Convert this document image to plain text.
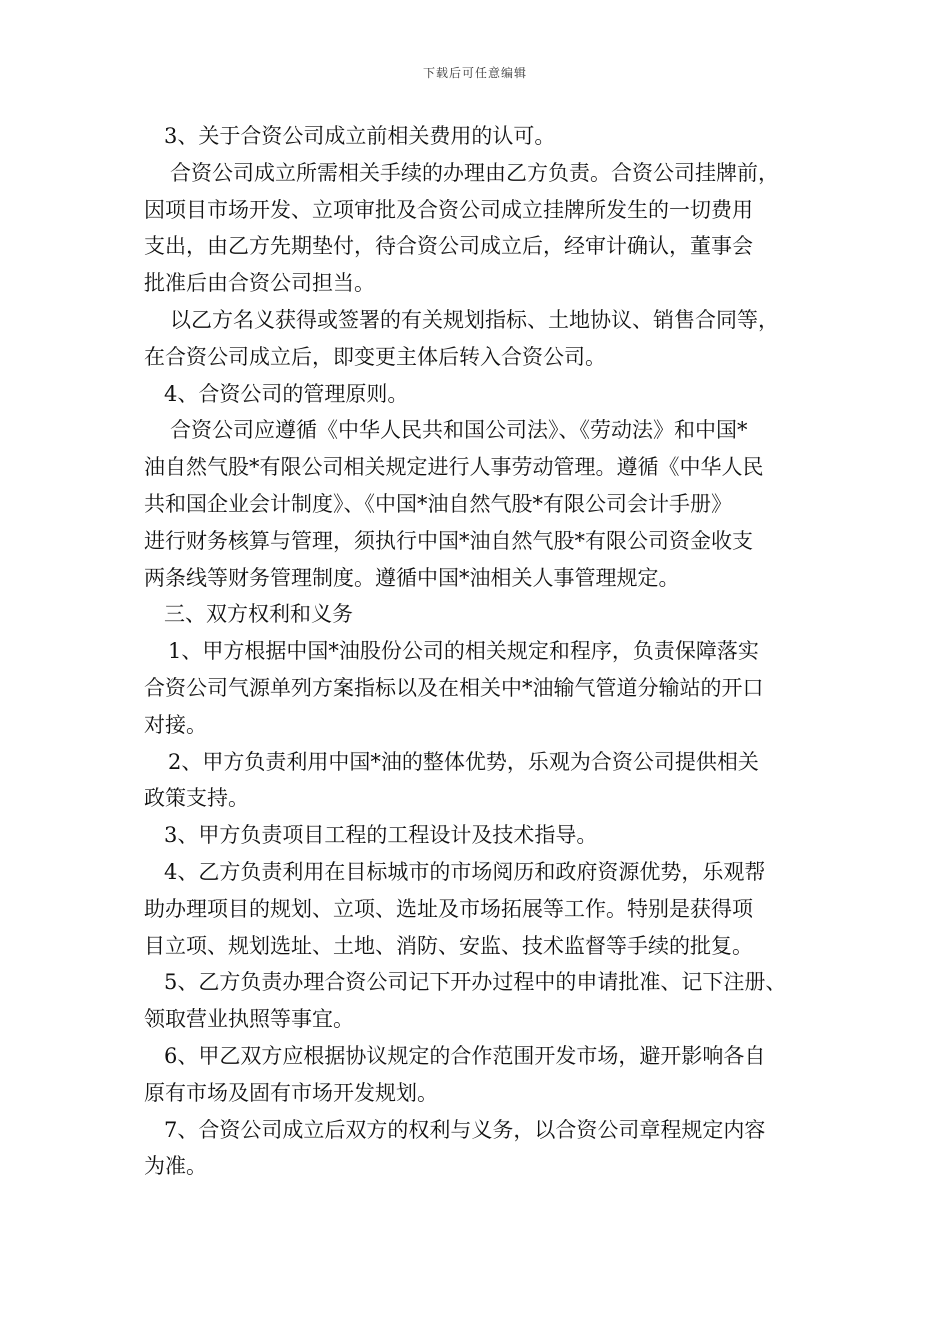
下载后可任意编辑
3、关于合资公司成立前相关费用的认可。
合资公司成立所需相关手续的办理由乙方负责。合资公司挂牌前，
因项目市场开发、立项审批及合资公司成立挂牌所发生的一切费用
支出，由乙方先期垫付，待合资公司成立后，经审计确认，董事会
批准后由合资公司担当。
以乙方名义获得或签署的有关规划指标、土地协议、销售合同等，
在合资公司成立后，即变更主体后转入合资公司。
4、合资公司的管理原则。
合资公司应遵循《中华人民共和国公司法》、《劳动法》和中国*
油自然气股*有限公司相关规定进行人事劳动管理。遵循《中华人民
共和国企业会计制度》、《中国*油自然气股*有限公司会计手册》
进行财务核算与管理，须执行中国*油自然气股*有限公司资金收支
两条线等财务管理制度。遵循中国*油相关人事管理规定。
三、双方权利和义务
1、甲方根据中国*油股份公司的相关规定和程序，负责保障落实
合资公司气源单列方案指标以及在相关中*油输气管道分输站的开口
对接。
2、甲方负责利用中国*油的整体优势，乐观为合资公司提供相关
政策支持。
3、甲方负责项目工程的工程设计及技术指导。
4、乙方负责利用在目标城市的市场阅历和政府资源优势，乐观帮
助办理项目的规划、立项、选址及市场拓展等工作。特别是获得项
目立项、规划选址、土地、消防、安监、技术监督等手续的批复。
5、乙方负责办理合资公司记下开办过程中的申请批准、记下注册、
领取营业执照等事宜。
6、甲乙双方应根据协议规定的合作范围开发市场，避开影响各自
原有市场及固有市场开发规划。
7、合资公司成立后双方的权利与义务，以合资公司章程规定内容
为准。
